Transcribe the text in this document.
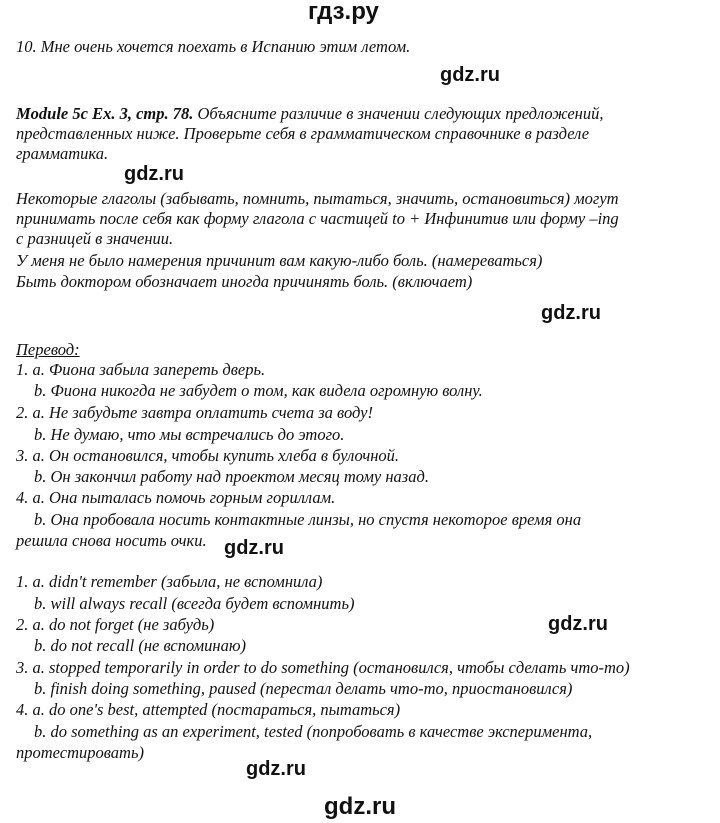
гдз.ру
gdz.ru
gdz.ru
gdz.ru
gdz.ru
gdz.ru
gdz.ru
gdz.ru
10. Мне очень хочется поехать в Испанию этим летом.
Module 5c Ex. 3, стр. 78. Объясните различие в значении следующих предложений,
представленных ниже. Проверьте себя в грамматическом справочнике в разделе
грамматика.
Некоторые глаголы (забывать, помнить, пытаться, значить, остановиться) могут
принимать после себя как форму глагола с частицей to + Инфинитив или форму –ing
с разницей в значении.
У меня не было намерения причинит вам какую-либо боль. (намереваться)
Быть доктором обозначает иногда причинять боль. (включает)
Перевод:
1. a. Фиона забыла запереть дверь.
b. Фиона никогда не забудет о том, как видела огромную волну.
2. a. Не забудьте завтра оплатить счета за воду!
b. Не думаю, что мы встречались до этого.
3. a. Он остановился, чтобы купить хлеба в булочной.
b. Он закончил работу над проектом месяц тому назад.
4. a. Она пыталась помочь горным гориллам.
b. Она пробовала носить контактные линзы, но спустя некоторое время она
решила снова носить очки.
1. a. didn't remember (забыла, не вспомнила)
b. will always recall (всегда будет вспомнить)
2. a. do not forget (не забудь)
b. do not recall (не вспоминаю)
3. a. stopped temporarily in order to do something (остановился, чтобы сделать что-то)
b. finish doing something, paused (перестал делать что-то, приостановился)
4. a. do one's best, attempted (постараться, пытаться)
b. do something as an experiment, tested (попробовать в качестве эксперимента,
протестировать)
